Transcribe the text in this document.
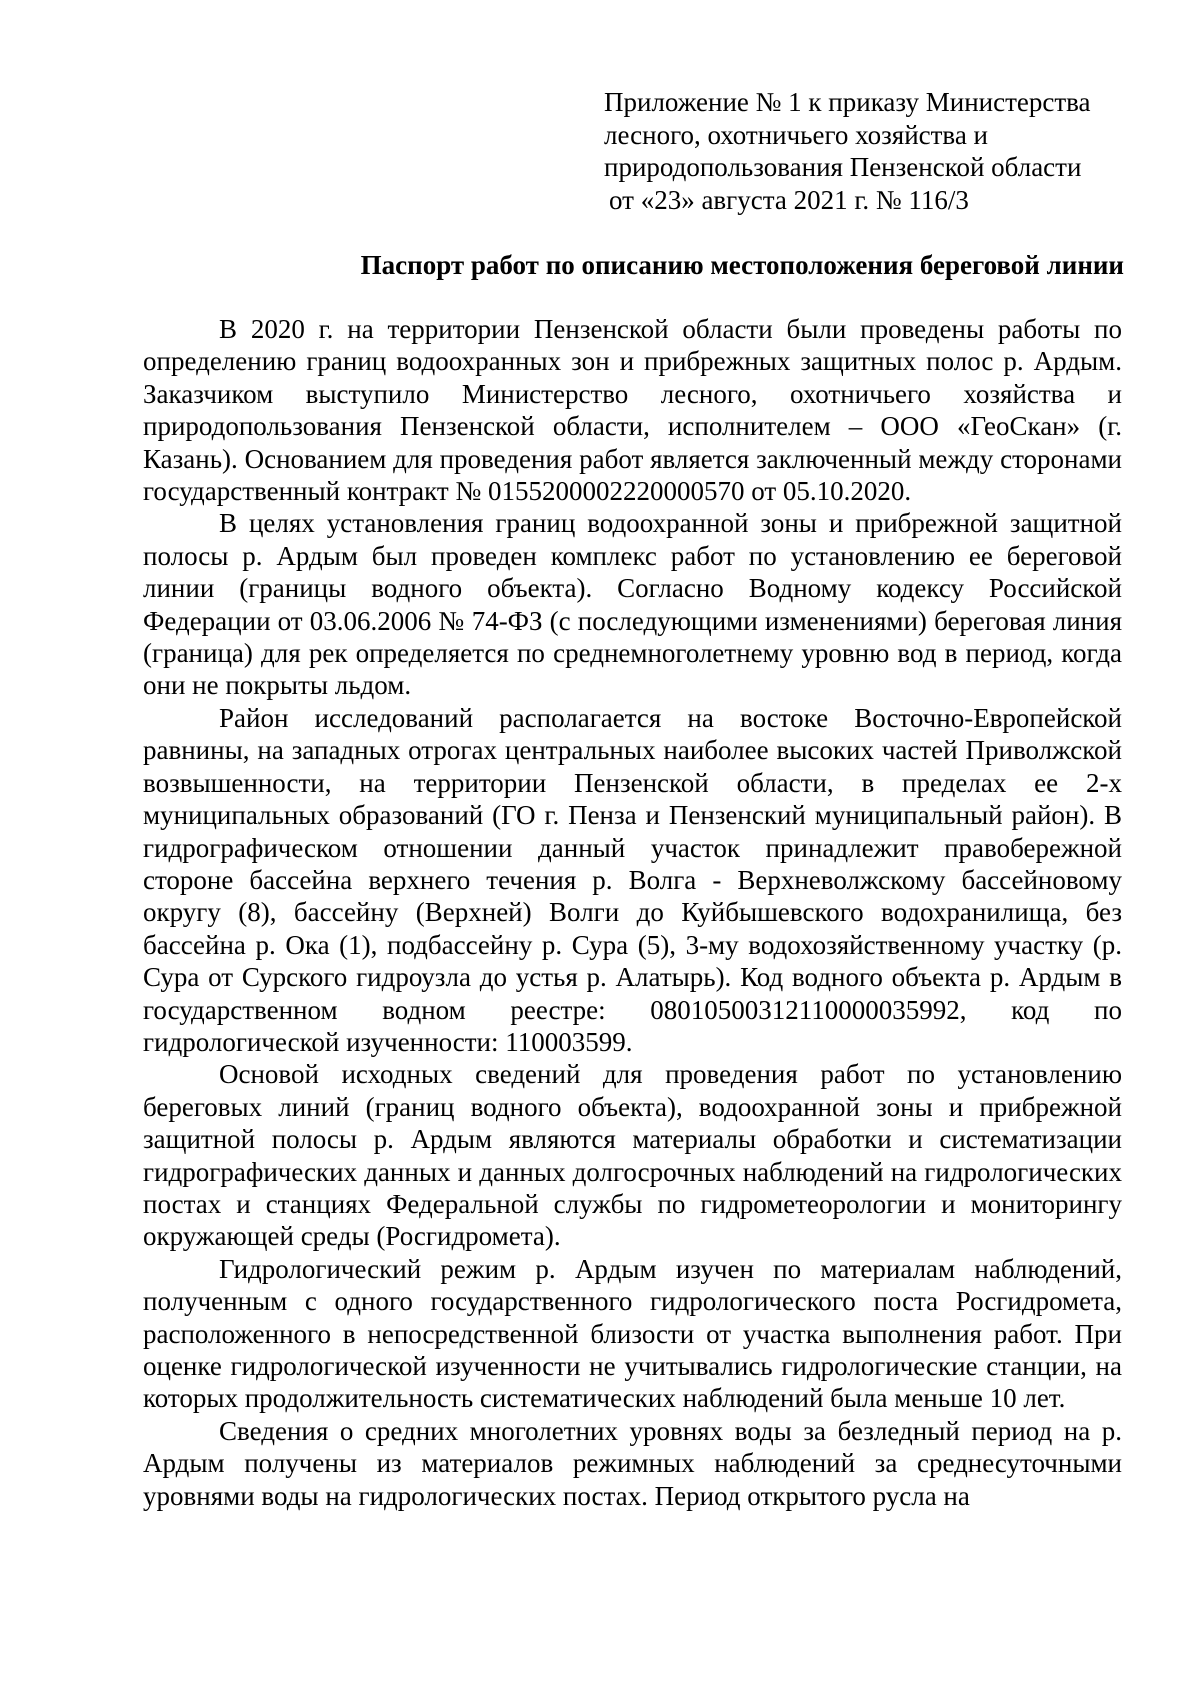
Приложение № 1 к приказу Министерства
лесного, охотничьего хозяйства и
природопользования Пензенской области
от «23» августа 2021 г. № 116/3
Паспорт работ по описанию местоположения береговой линии

В 2020 г. на территории Пензенской области были проведены работы по определению границ водоохранных зон и прибрежных защитных полос р. Ардым. Заказчиком выступило Министерство лесного, охотничьего хозяйства и природопользования Пензенской области, исполнителем – ООО «ГеоСкан» (г. Казань). Основанием для проведения работ является заключенный между сторонами государственный контракт № 0155200002220000570 от 05.10.2020.

В целях установления границ водоохранной зоны и прибрежной защитной полосы р. Ардым был проведен комплекс работ по установлению ее береговой линии (границы водного объекта). Согласно Водному кодексу Российской Федерации от 03.06.2006 № 74-ФЗ (с последующими изменениями) береговая линия (граница) для рек определяется по среднемноголетнему уровню вод в период, когда они не покрыты льдом.

Район исследований располагается на востоке Восточно-Европейской равнины, на западных отрогах центральных наиболее высоких частей Приволжской возвышенности, на территории Пензенской области, в пределах ее 2-х муниципальных образований (ГО г. Пенза и Пензенский муниципальный район). В гидрографическом отношении данный участок принадлежит правобережной стороне бассейна верхнего течения р. Волга - Верхневолжскому бассейновому округу (8), бассейну (Верхней) Волги до Куйбышевского водохранилища, без бассейна р. Ока (1), подбассейну р. Сура (5), 3-му водохозяйственному участку (р. Сура от Сурского гидроузла до устья р. Алатырь). Код водного объекта р. Ардым в государственном водном реестре: 08010500312110000035992, код по гидрологической изученности: 110003599.

Основой исходных сведений для проведения работ по установлению береговых линий (границ водного объекта), водоохранной зоны и прибрежной защитной полосы р. Ардым являются материалы обработки и систематизации гидрографических данных и данных долгосрочных наблюдений на гидрологических постах и станциях Федеральной службы по гидрометеорологии и мониторингу окружающей среды (Росгидромета).

Гидрологический режим р. Ардым изучен по материалам наблюдений, полученным с одного государственного гидрологического поста Росгидромета, расположенного в непосредственной близости от участка выполнения работ. При оценке гидрологической изученности не учитывались гидрологические станции, на которых продолжительность систематических наблюдений была меньше 10 лет.

Сведения о средних многолетних уровнях воды за безледный период на р. Ардым получены из материалов режимных наблюдений за среднесуточными уровнями воды на гидрологических постах. Период открытого русла на
